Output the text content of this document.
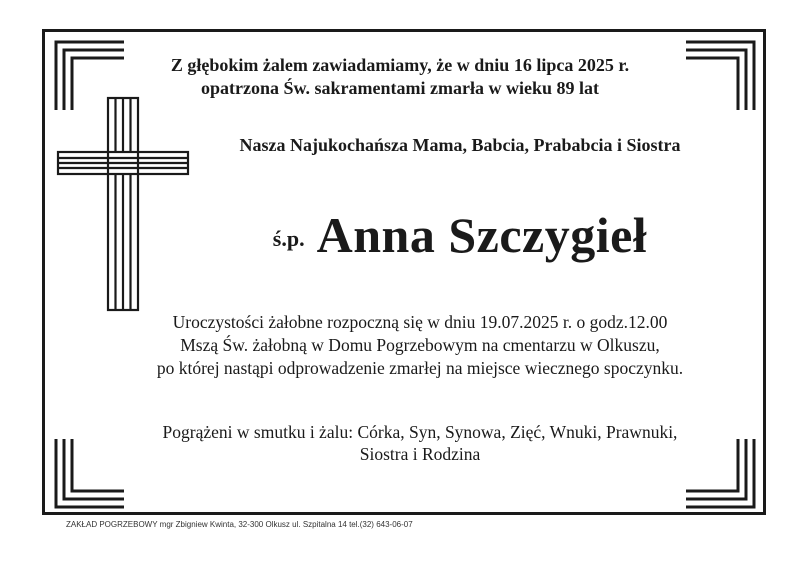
Z głębokim żalem zawiadamiamy, że w dniu 16 lipca 2025 r.
opatrzona Św. sakramentami zmarła w wieku 89 lat
Nasza Najukochańsza Mama, Babcia, Prababcia i Siostra
ś.p. Anna Szczygieł
Uroczystości żałobne rozpoczną się w dniu 19.07.2025 r. o godz.12.00
Mszą Św. żałobną w Domu Pogrzebowym na cmentarzu w Olkuszu,
po której nastąpi odprowadzenie zmarłej na miejsce wiecznego spoczynku.
Pogrążeni w smutku i żalu: Córka, Syn, Synowa, Zięć, Wnuki, Prawnuki,
Siostra i Rodzina
ZAKŁAD POGRZEBOWY mgr Zbigniew Kwinta, 32-300 Olkusz ul. Szpitalna 14 tel.(32) 643-06-07
